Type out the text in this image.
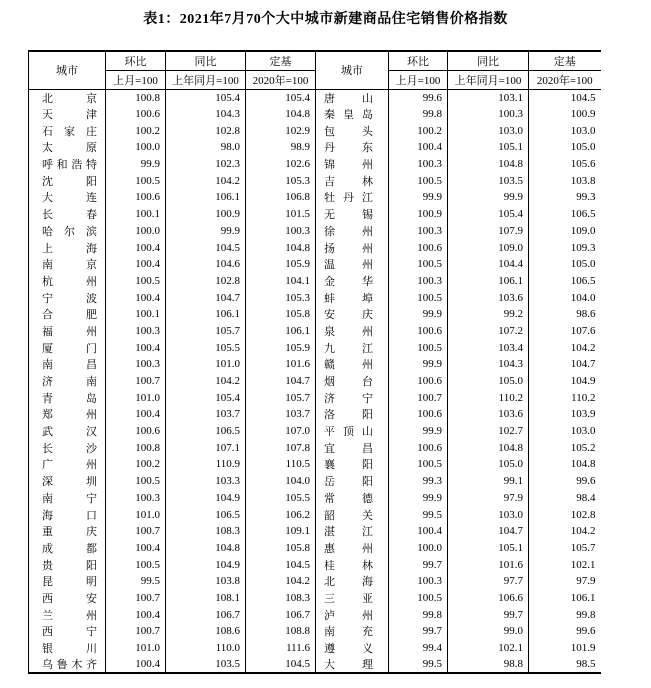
表1：2021年7月70个大中城市新建商品住宅销售价格指数
城市	环比	同比	定基	城市	环比	同比	定基
	上月=100	上年同月=100	2020年=100		上月=100	上年同月=100	2020年=100
北京	100.8	105.4	105.4	唐山	99.6	103.1	104.5
天津	100.6	104.3	104.8	秦皇岛	99.8	100.3	100.9
石家庄	100.2	102.8	102.9	包头	100.2	103.0	103.0
太原	100.0	98.0	98.9	丹东	100.4	105.1	105.0
呼和浩特	99.9	102.3	102.6	锦州	100.3	104.8	105.6
沈阳	100.5	104.2	105.3	吉林	100.5	103.5	103.8
大连	100.6	106.1	106.8	牡丹江	99.9	99.9	99.3
长春	100.1	100.9	101.5	无锡	100.9	105.4	106.5
哈尔滨	100.0	99.9	100.3	徐州	100.3	107.9	109.0
上海	100.4	104.5	104.8	扬州	100.6	109.0	109.3
南京	100.4	104.6	105.9	温州	100.5	104.4	105.0
杭州	100.5	102.8	104.1	金华	100.3	106.1	106.5
宁波	100.4	104.7	105.3	蚌埠	100.5	103.6	104.0
合肥	100.1	106.1	105.8	安庆	99.9	99.2	98.6
福州	100.3	105.7	106.1	泉州	100.6	107.2	107.6
厦门	100.4	105.5	105.9	九江	100.5	103.4	104.2
南昌	100.3	101.0	101.6	赣州	99.9	104.3	104.7
济南	100.7	104.2	104.7	烟台	100.6	105.0	104.9
青岛	101.0	105.4	105.7	济宁	100.7	110.2	110.2
郑州	100.4	103.7	103.7	洛阳	100.6	103.6	103.9
武汉	100.6	106.5	107.0	平顶山	99.9	102.7	103.0
长沙	100.8	107.1	107.8	宜昌	100.6	104.8	105.2
广州	100.2	110.9	110.5	襄阳	100.5	105.0	104.8
深圳	100.5	103.3	104.0	岳阳	99.3	99.1	99.6
南宁	100.3	104.9	105.5	常德	99.9	97.9	98.4
海口	101.0	106.5	106.2	韶关	99.5	103.0	102.8
重庆	100.7	108.3	109.1	湛江	100.4	104.7	104.2
成都	100.4	104.8	105.8	惠州	100.0	105.1	105.7
贵阳	100.5	104.9	104.5	桂林	99.7	101.6	102.1
昆明	99.5	103.8	104.2	北海	100.3	97.7	97.9
西安	100.7	108.1	108.3	三亚	100.5	106.6	106.1
兰州	100.4	106.7	106.7	泸州	99.8	99.7	99.8
西宁	100.7	108.6	108.8	南充	99.7	99.0	99.6
银川	101.0	110.0	111.6	遵义	99.4	102.1	101.9
乌鲁木齐	100.4	103.5	104.5	大理	99.5	98.8	98.5
